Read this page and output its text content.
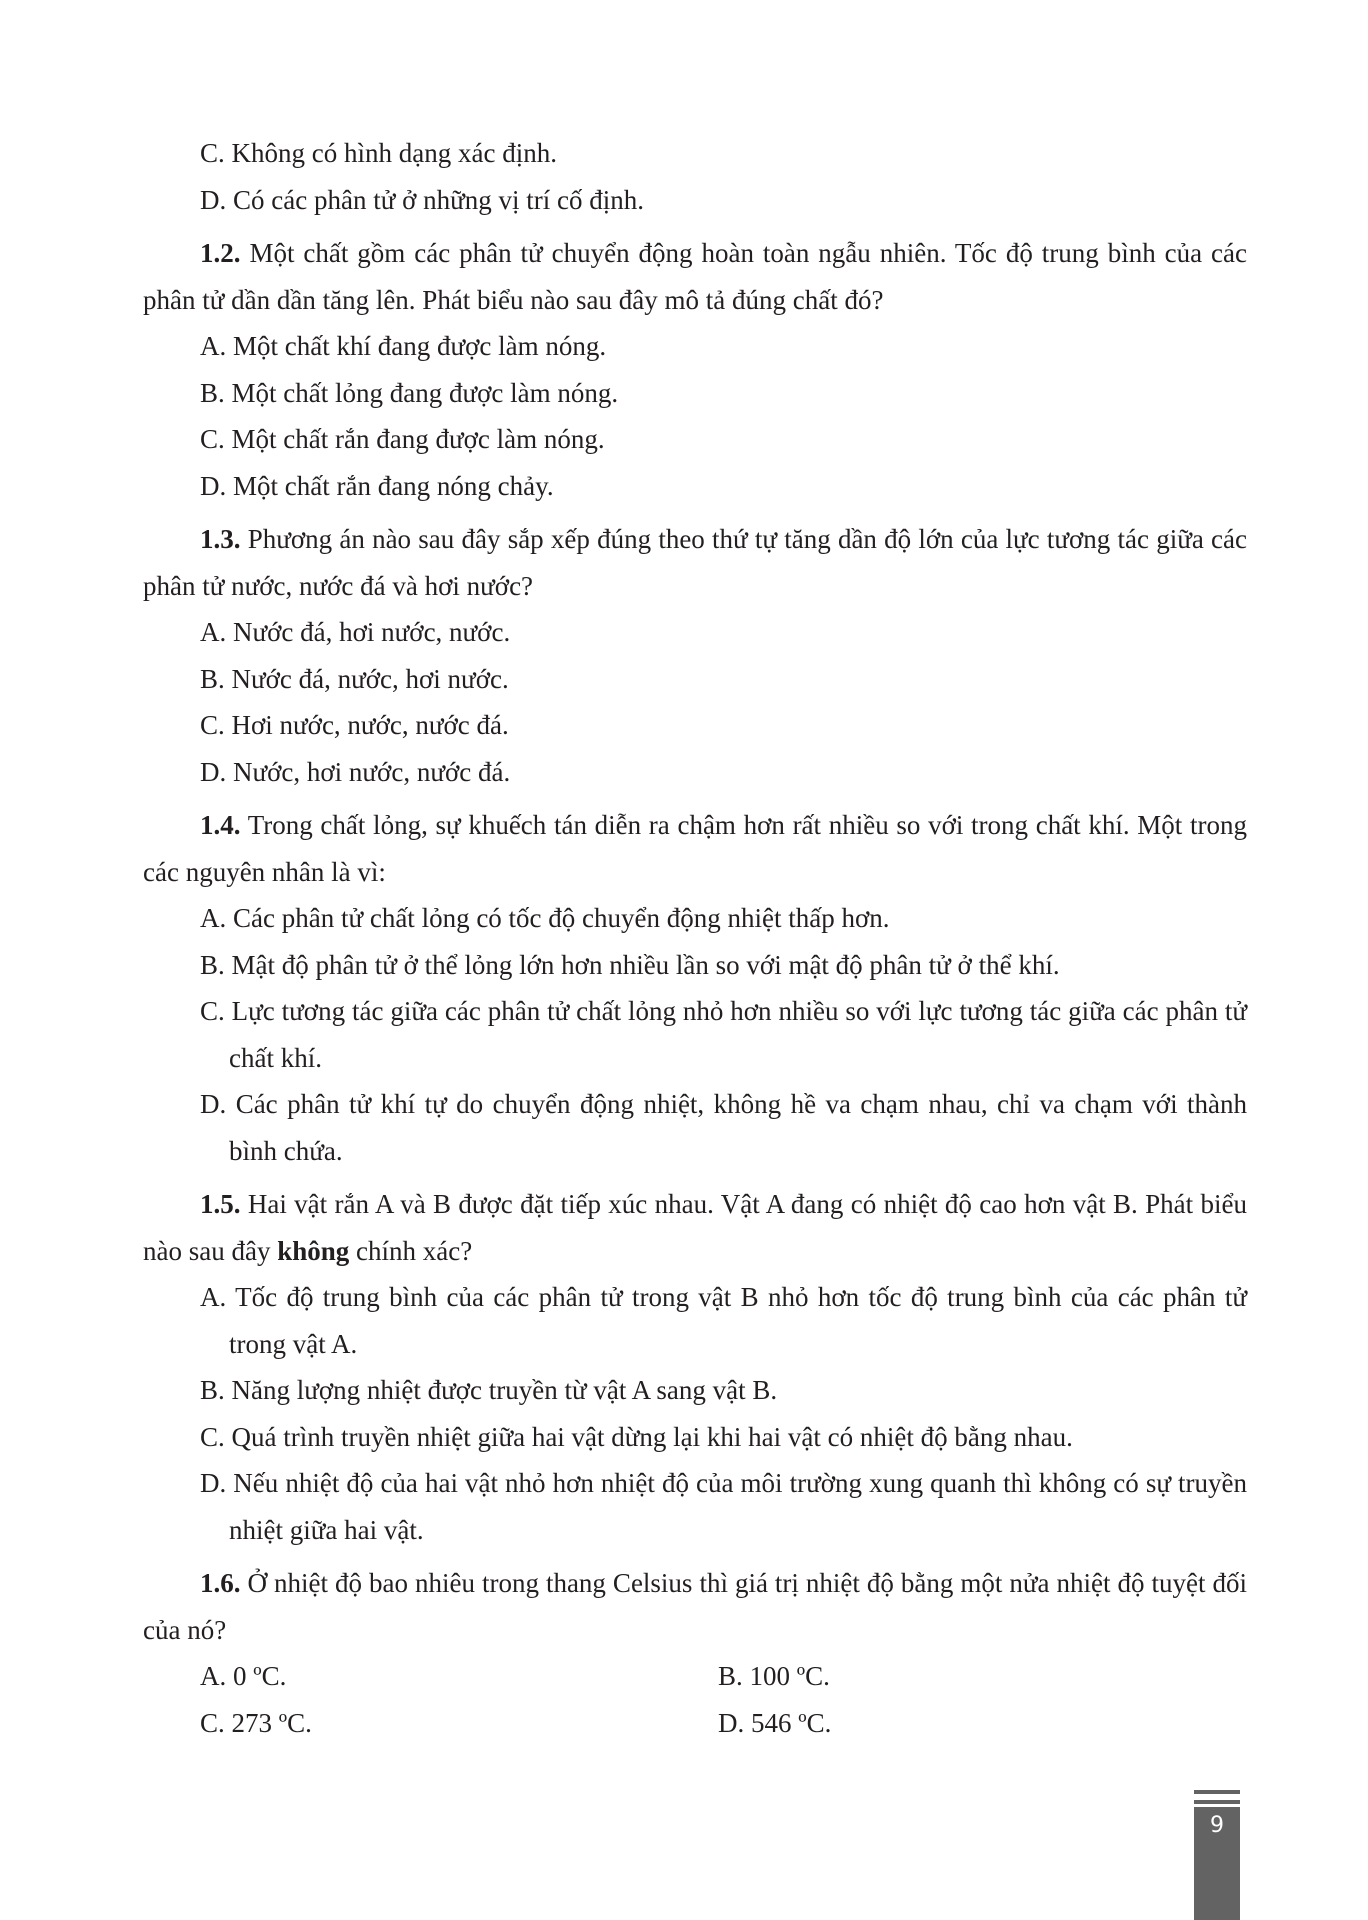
C. Không có hình dạng xác định.
D. Có các phân tử ở những vị trí cố định.
1.2. Một chất gồm các phân tử chuyển động hoàn toàn ngẫu nhiên. Tốc độ trung bình của các phân tử dần dần tăng lên. Phát biểu nào sau đây mô tả đúng chất đó?
A. Một chất khí đang được làm nóng.
B. Một chất lỏng đang được làm nóng.
C. Một chất rắn đang được làm nóng.
D. Một chất rắn đang nóng chảy.
1.3. Phương án nào sau đây sắp xếp đúng theo thứ tự tăng dần độ lớn của lực tương tác giữa các phân tử nước, nước đá và hơi nước?
A. Nước đá, hơi nước, nước.
B. Nước đá, nước, hơi nước.
C. Hơi nước, nước, nước đá.
D. Nước, hơi nước, nước đá.
1.4. Trong chất lỏng, sự khuếch tán diễn ra chậm hơn rất nhiều so với trong chất khí. Một trong các nguyên nhân là vì:
A. Các phân tử chất lỏng có tốc độ chuyển động nhiệt thấp hơn.
B. Mật độ phân tử ở thể lỏng lớn hơn nhiều lần so với mật độ phân tử ở thể khí.
C. Lực tương tác giữa các phân tử chất lỏng nhỏ hơn nhiều so với lực tương tác giữa các phân tử chất khí.
D. Các phân tử khí tự do chuyển động nhiệt, không hề va chạm nhau, chỉ va chạm với thành bình chứa.
1.5. Hai vật rắn A và B được đặt tiếp xúc nhau. Vật A đang có nhiệt độ cao hơn vật B. Phát biểu nào sau đây không chính xác?
A. Tốc độ trung bình của các phân tử trong vật B nhỏ hơn tốc độ trung bình của các phân tử trong vật A.
B. Năng lượng nhiệt được truyền từ vật A sang vật B.
C. Quá trình truyền nhiệt giữa hai vật dừng lại khi hai vật có nhiệt độ bằng nhau.
D. Nếu nhiệt độ của hai vật nhỏ hơn nhiệt độ của môi trường xung quanh thì không có sự truyền nhiệt giữa hai vật.
1.6. Ở nhiệt độ bao nhiêu trong thang Celsius thì giá trị nhiệt độ bằng một nửa nhiệt độ tuyệt đối của nó?
A. 0 ºC.	B. 100 ºC.
C. 273 ºC.	D. 546 ºC.
9
